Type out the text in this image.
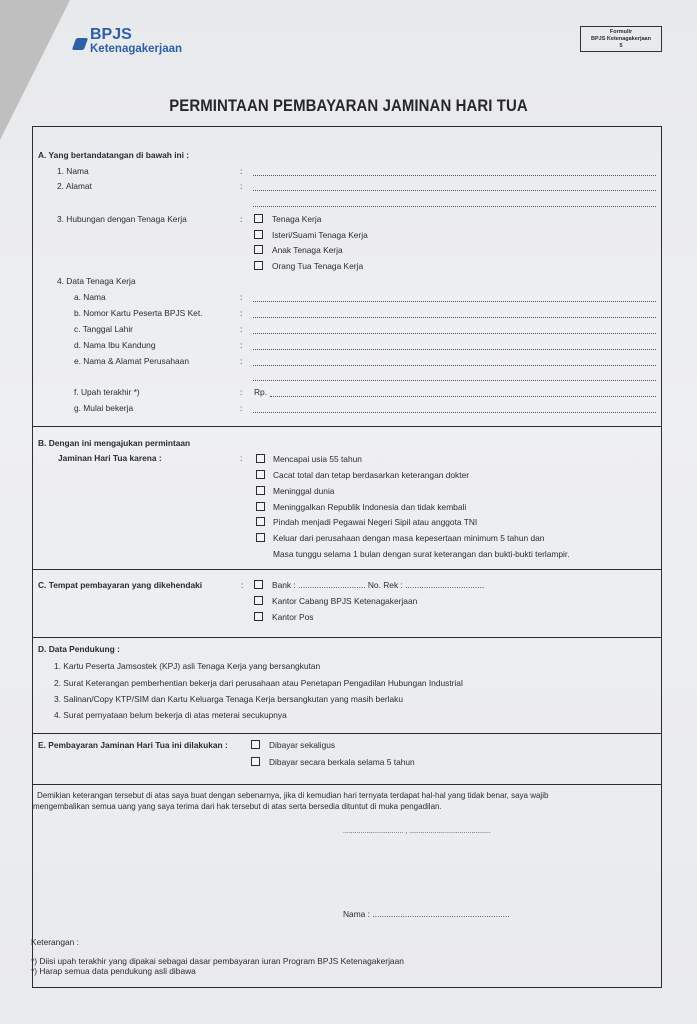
BPJS
Ketenagakerjaan
Formulir
BPJS Ketenagakerjaan
5
PERMINTAAN PEMBAYARAN JAMINAN HARI TUA
A. Yang bertandatangan di bawah ini :
1. Nama	:
2. Alamat	:
3. Hubungan dengan Tenaga Kerja	:	Tenaga Kerja
Isteri/Suami Tenaga Kerja
Anak Tenaga Kerja
Orang Tua Tenaga Kerja
4. Data Tenaga Kerja
a. Nama	:
b. Nomor Kartu Peserta BPJS Ket.	:
c. Tanggal Lahir	:
d. Nama Ibu Kandung	:
e. Nama & Alamat Perusahaan	:
f. Upah terakhir *)	: Rp.
g. Mulai bekerja	:
B. Dengan ini mengajukan permintaan
Jaminan Hari Tua karena :	:	Mencapai usia 55 tahun
Cacat total dan tetap berdasarkan keterangan dokter
Meninggal dunia
Meninggalkan Republik Indonesia dan tidak kembali
Pindah menjadi Pegawai Negeri Sipil atau anggota TNI
Keluar dari perusahaan dengan masa kepesertaan minimum 5 tahun dan
Masa tunggu selama 1 bulan dengan surat keterangan dan bukti-bukti terlampir.
C. Tempat pembayaran yang dikehendaki	:	Bank : ............................. No. Rek : ..................................
Kantor Cabang BPJS Ketenagakerjaan
Kantor Pos
D. Data Pendukung :
1. Kartu Peserta Jamsostek (KPJ) asli Tenaga Kerja yang bersangkutan
2. Surat Keterangan pemberhentian bekerja dari perusahaan atau Penetapan Pengadilan Hubungan Industrial
3. Salinan/Copy KTP/SIM dan Kartu Keluarga Tenaga Kerja bersangkutan yang masih berlaku
4. Surat pernyataan belum bekerja di atas meterai secukupnya
E. Pembayaran Jaminan Hari Tua ini dilakukan :	Dibayar sekaligus
Dibayar secara berkala selama 5 tahun
Demikian keterangan tersebut di atas saya buat dengan sebenarnya, jika di kemudian hari ternyata terdapat hal-hal yang tidak benar, saya wajib
mengembalikan semua uang yang saya terima dari hak tersebut di atas serta bersedia dituntut di muka pengadilan.
............................... , ..........................................
Nama : ...........................................................
Keterangan :
*) Diisi upah terakhir yang dipakai sebagai dasar pembayaran iuran Program BPJS Ketenagakerjaan
*) Harap semua data pendukung asli dibawa
